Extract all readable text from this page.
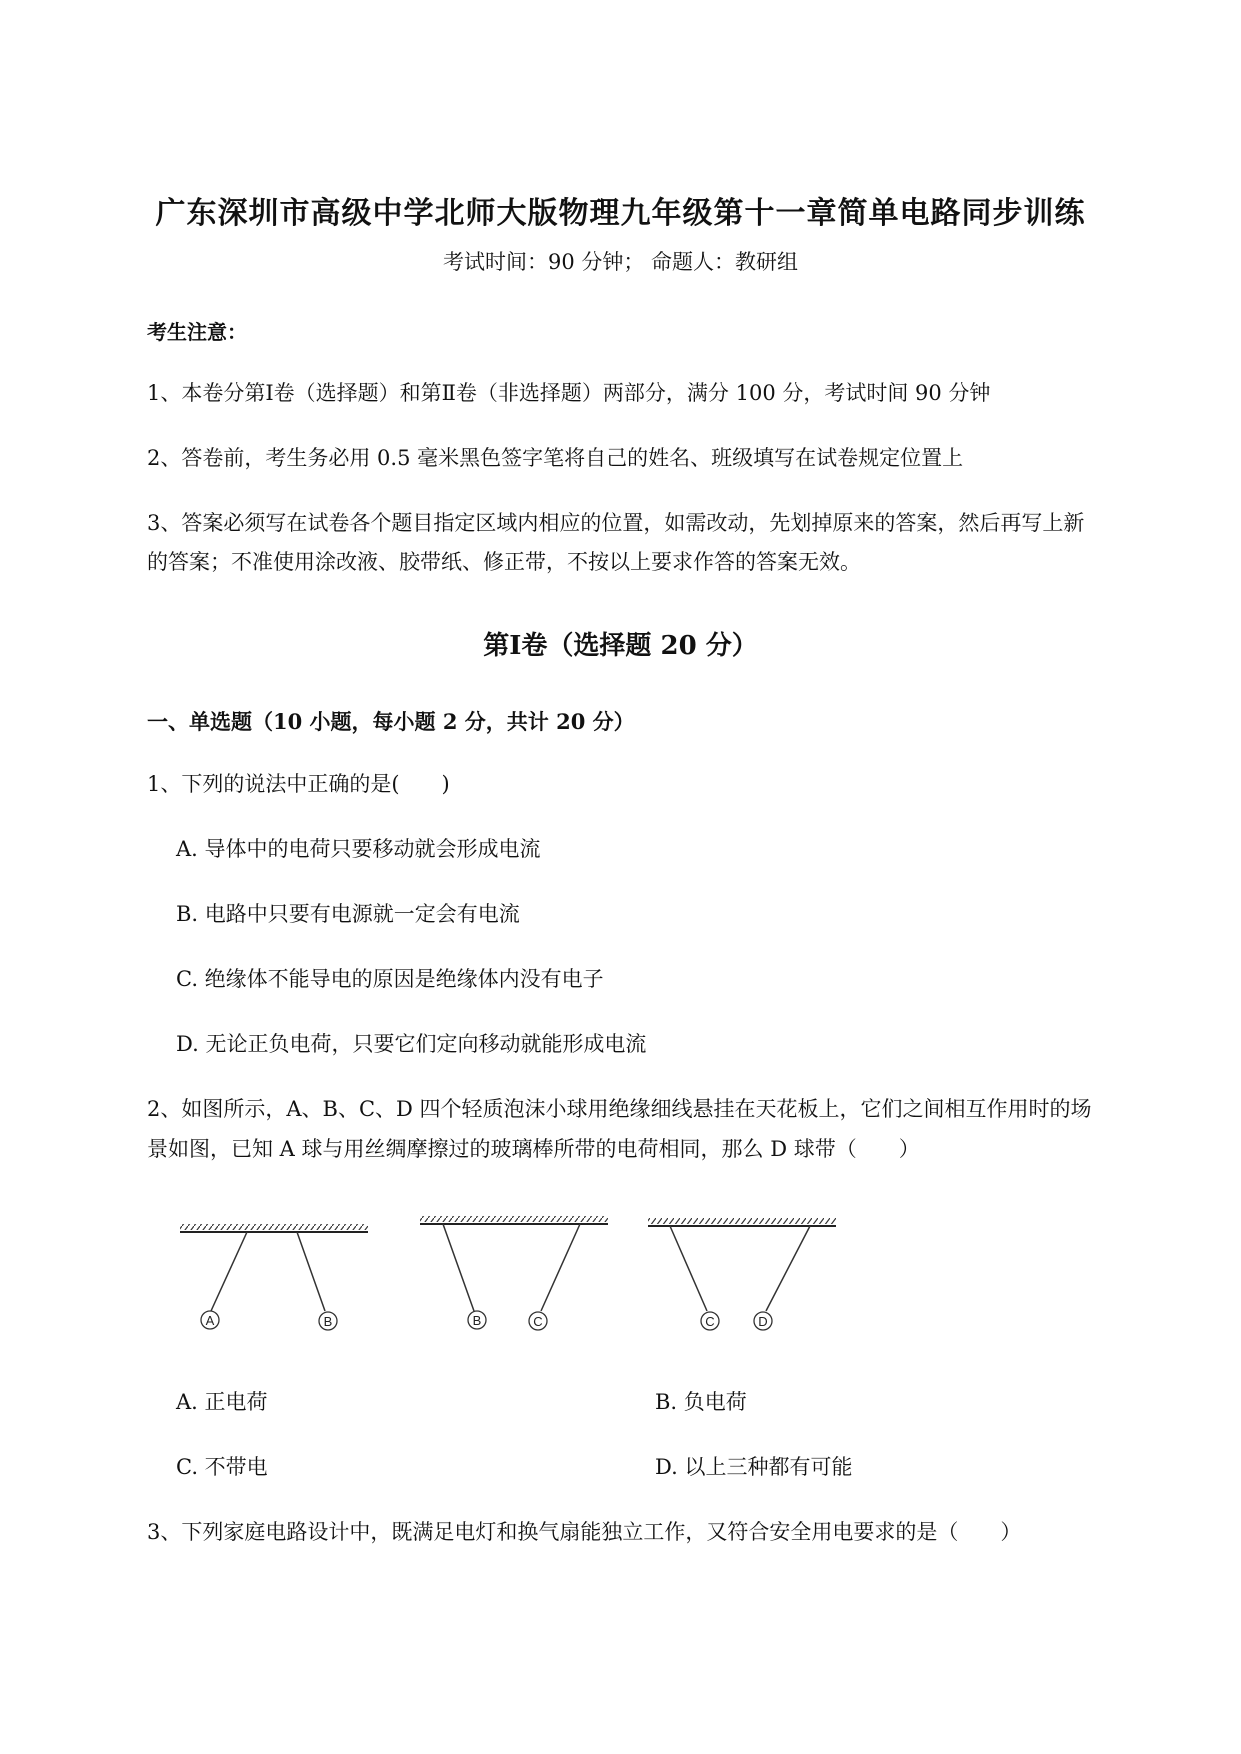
广东深圳市高级中学北师大版物理九年级第十一章简单电路同步训练
考试时间：90 分钟； 命题人：教研组
考生注意：
1、本卷分第Ⅰ卷（选择题）和第Ⅱ卷（非选择题）两部分，满分 100 分，考试时间 90 分钟
2、答卷前，考生务必用 0.5 毫米黑色签字笔将自己的姓名、班级填写在试卷规定位置上
3、答案必须写在试卷各个题目指定区域内相应的位置，如需改动，先划掉原来的答案，然后再写上新
的答案；不准使用涂改液、胶带纸、修正带，不按以上要求作答的答案无效。
第Ⅰ卷（选择题 20 分）
一、单选题（10 小题，每小题 2 分，共计 20 分）
1、下列的说法中正确的是(　　)
A. 导体中的电荷只要移动就会形成电流
B. 电路中只要有电源就一定会有电流
C. 绝缘体不能导电的原因是绝缘体内没有电子
D. 无论正负电荷，只要它们定向移动就能形成电流
2、如图所示，A、B、C、D 四个轻质泡沫小球用绝缘细线悬挂在天花板上，它们之间相互作用时的场
景如图，已知 A 球与用丝绸摩擦过的玻璃棒所带的电荷相同，那么 D 球带（　　）
A	B	B	C	C	D
A. 正电荷	B. 负电荷
C. 不带电	D. 以上三种都有可能
3、下列家庭电路设计中，既满足电灯和换气扇能独立工作，又符合安全用电要求的是（　　）
